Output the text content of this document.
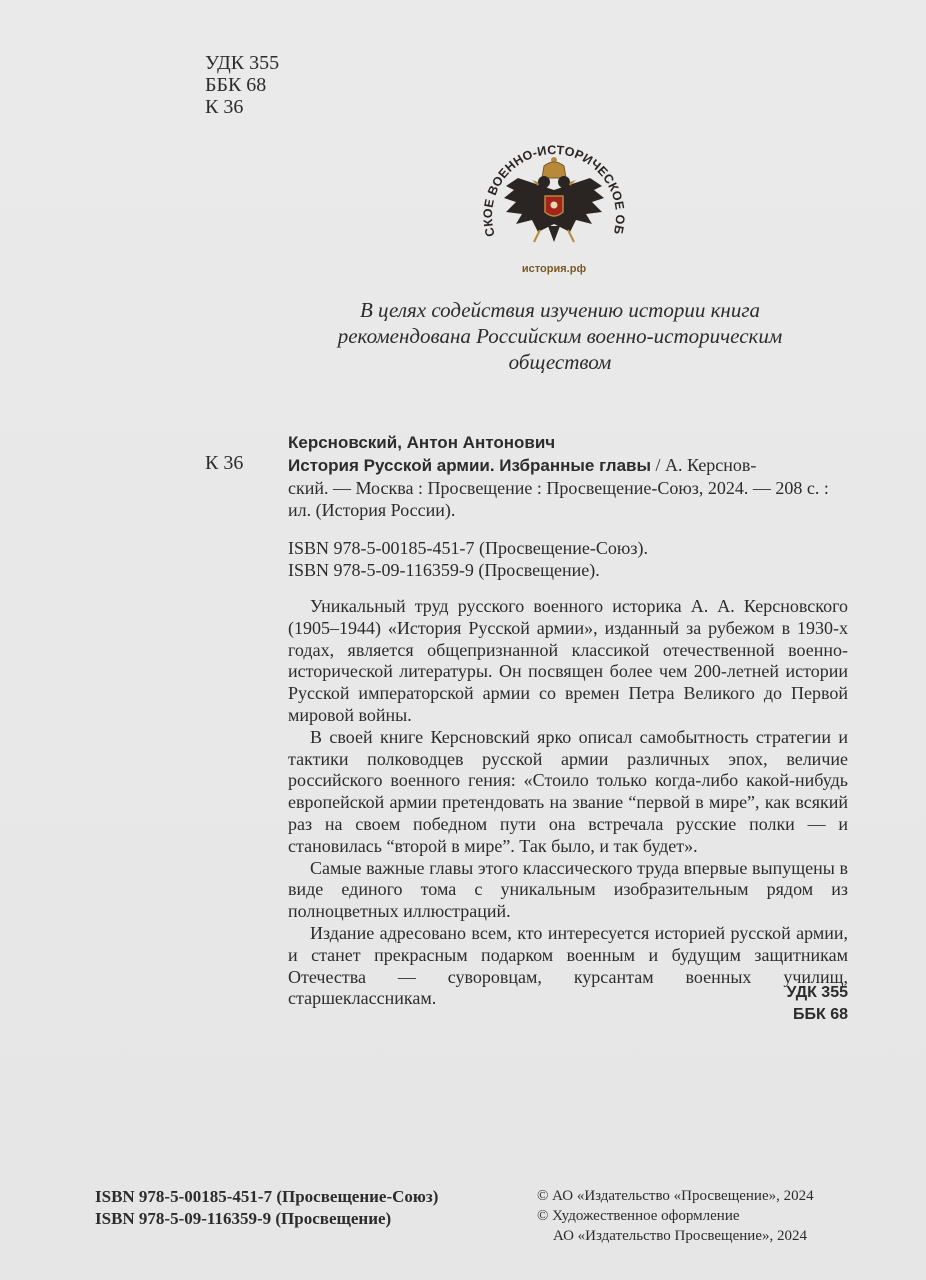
УДК 355
ББК 68
К 36
СКОЕ ВОЕННО-ИСТОРИЧЕСКОЕ ОБ
история.рф
В целях содействия изучению истории книга
рекомендована Российским военно-историческим
обществом
К 36
Керсновский, Антон Антонович
История Русской армии. Избранные главы / А. Керснов-
ский. — Москва : Просвещение : Просвещение-Союз, 2024. — 208 с. :
ил. (История России).
ISBN 978-5-00185-451-7 (Просвещение-Союз).
ISBN 978-5-09-116359-9 (Просвещение).

Уникальный труд русского военного историка А. А. Керсновского (1905–1944) «История Русской армии», изданный за рубежом в 1930-х годах, является общепризнанной классикой отечественной военно-исторической литературы. Он посвящен более чем 200-летней истории Русской императорской армии со времен Петра Великого до Первой мировой войны.

В своей книге Керсновский ярко описал самобытность стратегии и тактики полководцев русской армии различных эпох, величие российского военного гения: «Стоило только когда-либо какой-нибудь европейской армии претендовать на звание “первой в мире”, как всякий раз на своем победном пути она встречала русские полки — и становилась “второй в мире”. Так было, и так будет».

Самые важные главы этого классического труда впервые выпущены в виде единого тома с уникальным изобразительным рядом из полноцветных иллюстраций.

Издание адресовано всем, кто интересуется историей русской армии, и станет прекрасным подарком военным и будущим защитникам Отечества — суворовцам, курсантам военных училищ, старшеклассникам.	УДК 355
ББК 68
ISBN 978-5-00185-451-7 (Просвещение-Союз)
ISBN 978-5-09-116359-9 (Просвещение)
© АО «Издательство «Просвещение», 2024
© Художественное оформление
АО «Издательство Просвещение», 2024
